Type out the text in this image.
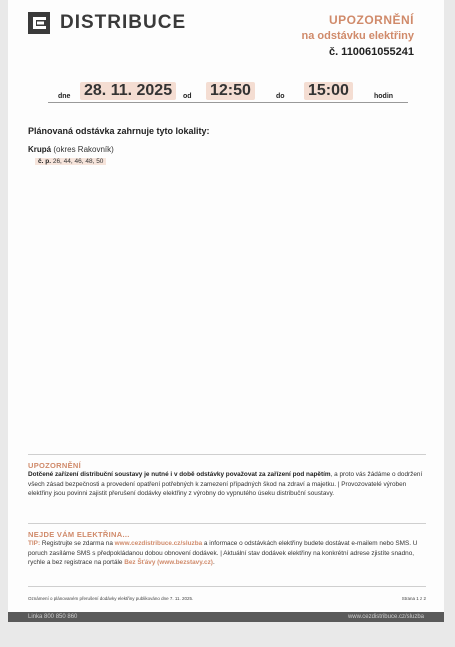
DISTRIBUCE	UPOZORNĚNÍ
na odstávku elektřiny
č. 110061055241
dne 28. 11. 2025	od 12:50	do 15:00	hodin
Plánovaná odstávka zahrnuje tyto lokality:
Krupá (okres Rakovník)
č. p. 26, 44, 46, 48, 50
UPOZORNĚNÍ
Dotčené zařízení distribuční soustavy je nutné i v době odstávky považovat za zařízení pod napětím, a proto vás žádáme o dodržení všech zásad bezpečnosti a provedení opatření potřebných k zamezení případných škod na zdraví a majetku. | Provozovatelé výroben elektřiny jsou povinni zajistit přerušení dodávky elektřiny z výrobny do vypnutého úseku distribuční soustavy.
NEJDE VÁM ELEKTŘINA...
TIP: Registrujte se zdarma na www.cezdistribuce.cz/sluzba a informace o odstávkách elektřiny budete dostávat e-mailem nebo SMS. U poruch zasíláme SMS s předpokládanou dobou obnovení dodávek. | Aktuální stav dodávek elektřiny na konkrétní adrese zjistíte snadno, rychle a bez registrace na portále Bez Šťávy (www.bezstavy.cz).
Oznámení o plánovaném přerušení dodávky elektřiny publikováno dne 7. 11. 2025.	Strana 1 z 2
Linka 800 850 860	www.cezdistribuce.cz/sluzba
